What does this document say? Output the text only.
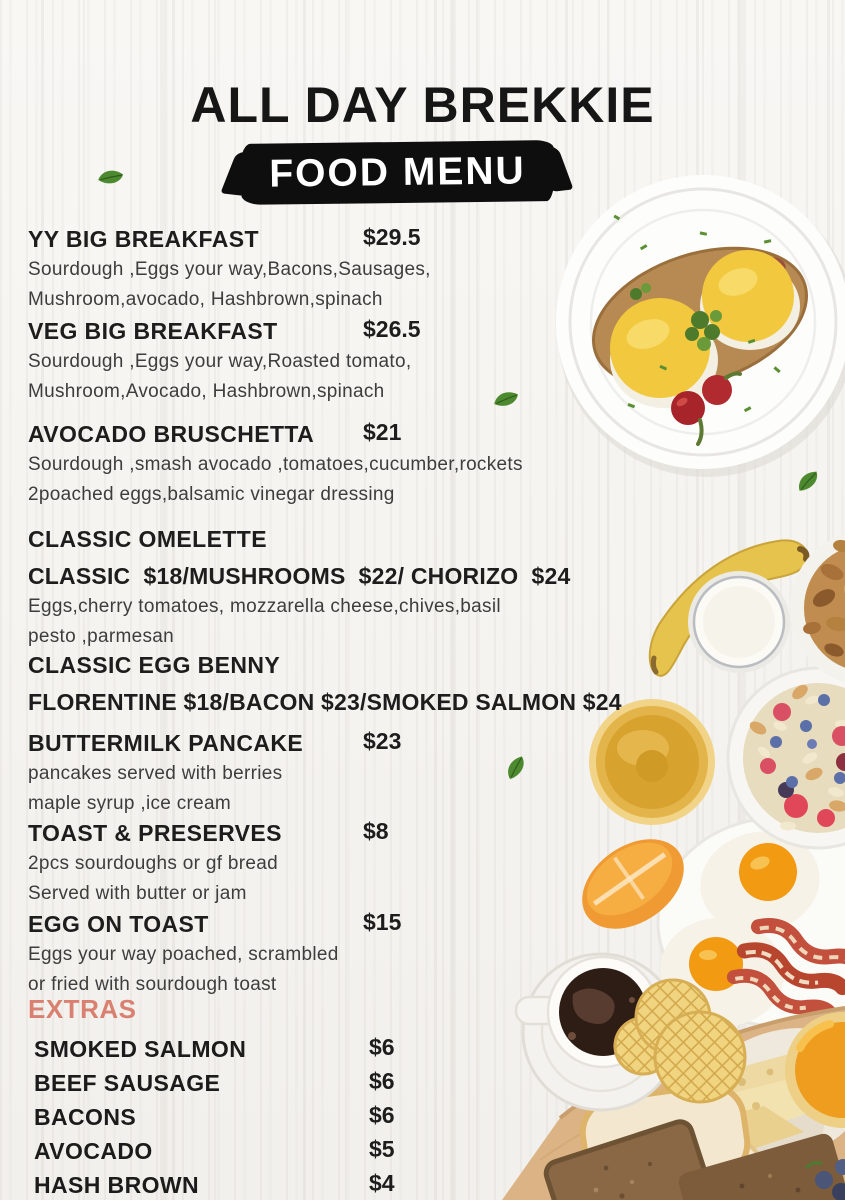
ALL DAY BREKKIE
FOOD MENU
YY BIG BREAKFAST	$29.5

Sourdough ,Eggs your way,Bacons,Sausages,

Mushroom,avocado, Hashbrown,spinach

VEG BIG BREAKFAST	$26.5

Sourdough ,Eggs your way,Roasted tomato,

Mushroom,Avocado, Hashbrown,spinach

AVOCADO BRUSCHETTA	$21

Sourdough ,smash avocado ,tomatoes,cucumber,rockets

2poached eggs,balsamic vinegar dressing

CLASSIC OMELETTE
CLASSIC  $18/MUSHROOMS  $22/ CHORIZO  $24

Eggs,cherry tomatoes, mozzarella cheese,chives,basil

pesto ,parmesan

CLASSIC EGG BENNY
FLORENTINE $18/BACON $23/SMOKED SALMON $24
BUTTERMILK PANCAKE	$23

pancakes served with berries

maple syrup ,ice cream

TOAST & PRESERVES	$8

2pcs sourdoughs or gf bread

Served with butter or jam

EGG ON TOAST	$15

Eggs your way poached, scrambled

or fried with sourdough toast

EXTRAS
SMOKED SALMON	$6
BEEF SAUSAGE	$6
BACONS	$6
AVOCADO	$5
HASH BROWN	$4
